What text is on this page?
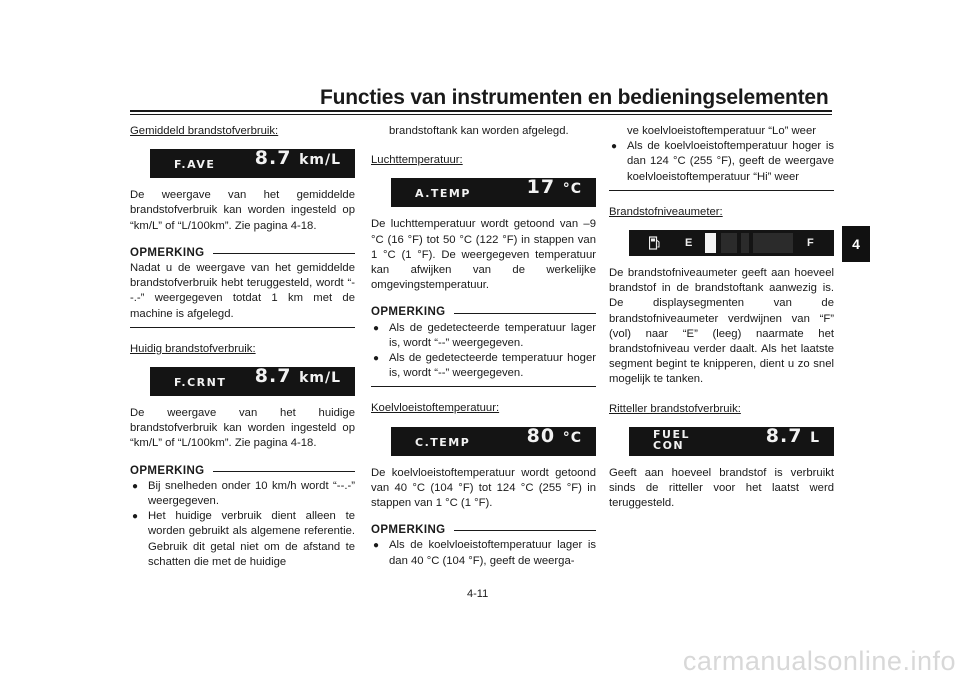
Functies van instrumenten en bedieningselementen
4

Gemiddeld brandstofverbruik:

F.AVE 8.7 km/L

De weergave van het gemiddelde brandstofverbruik kan worden ingesteld op “km/L” of “L/100km”. Zie pagina 4-18.

OPMERKING

Nadat u de weergave van het gemiddelde brandstofverbruik hebt teruggesteld, wordt “--.-” weergegeven totdat 1 km met de machine is afgelegd.

Huidig brandstofverbruik:

F.CRNT 8.7 km/L

De weergave van het huidige brandstofverbruik kan worden ingesteld op “km/L” of “L/100km”. Zie pagina 4-18.

OPMERKING
● Bij snelheden onder 10 km/h wordt “--.-” weergegeven.
● Het huidige verbruik dient alleen te worden gebruikt als algemene referentie. Gebruik dit getal niet om de afstand te schatten die met de huidige
brandstoftank kan worden afgelegd.

Luchttemperatuur:

A.TEMP	17 °C

De luchttemperatuur wordt getoond van –9 °C (16 °F) tot 50 °C (122 °F) in stappen van 1 °C (1 °F). De weergegeven temperatuur kan afwijken van de werkelijke omgevingstemperatuur.

OPMERKING
● Als de gedetecteerde temperatuur lager is, wordt “--” weergegeven.
● Als de gedetecteerde temperatuur hoger is, wordt “--” weergegeven.

Koelvloeistoftemperatuur:

C.TEMP	80 °C

De koelvloeistoftemperatuur wordt getoond van 40 °C (104 °F) tot 124 °C (255 °F) in stappen van 1 °C (1 °F).

OPMERKING
● Als de koelvloeistoftemperatuur lager is dan 40 °C (104 °F), geeft de weerga-
ve koelvloeistoftemperatuur “Lo” weer
● Als de koelvloeistoftemperatuur hoger is dan 124 °C (255 °F), geeft de weergave koelvloeistoftemperatuur “Hi” weer

Brandstofniveaumeter:

E	F

De brandstofniveaumeter geeft aan hoeveel brandstof in de brandstoftank aanwezig is. De displaysegmenten van de brandstofniveaumeter verdwijnen van “F” (vol) naar “E” (leeg) naarmate het brandstofniveau verder daalt. Als het laatste segment begint te knipperen, dient u zo snel mogelijk te tanken.

Ritteller brandstofverbruik:

FUEL
CON	8.7 L

Geeft aan hoeveel brandstof is verbruikt sinds de ritteller voor het laatst werd teruggesteld.

4-11
carmanualsonline.info
